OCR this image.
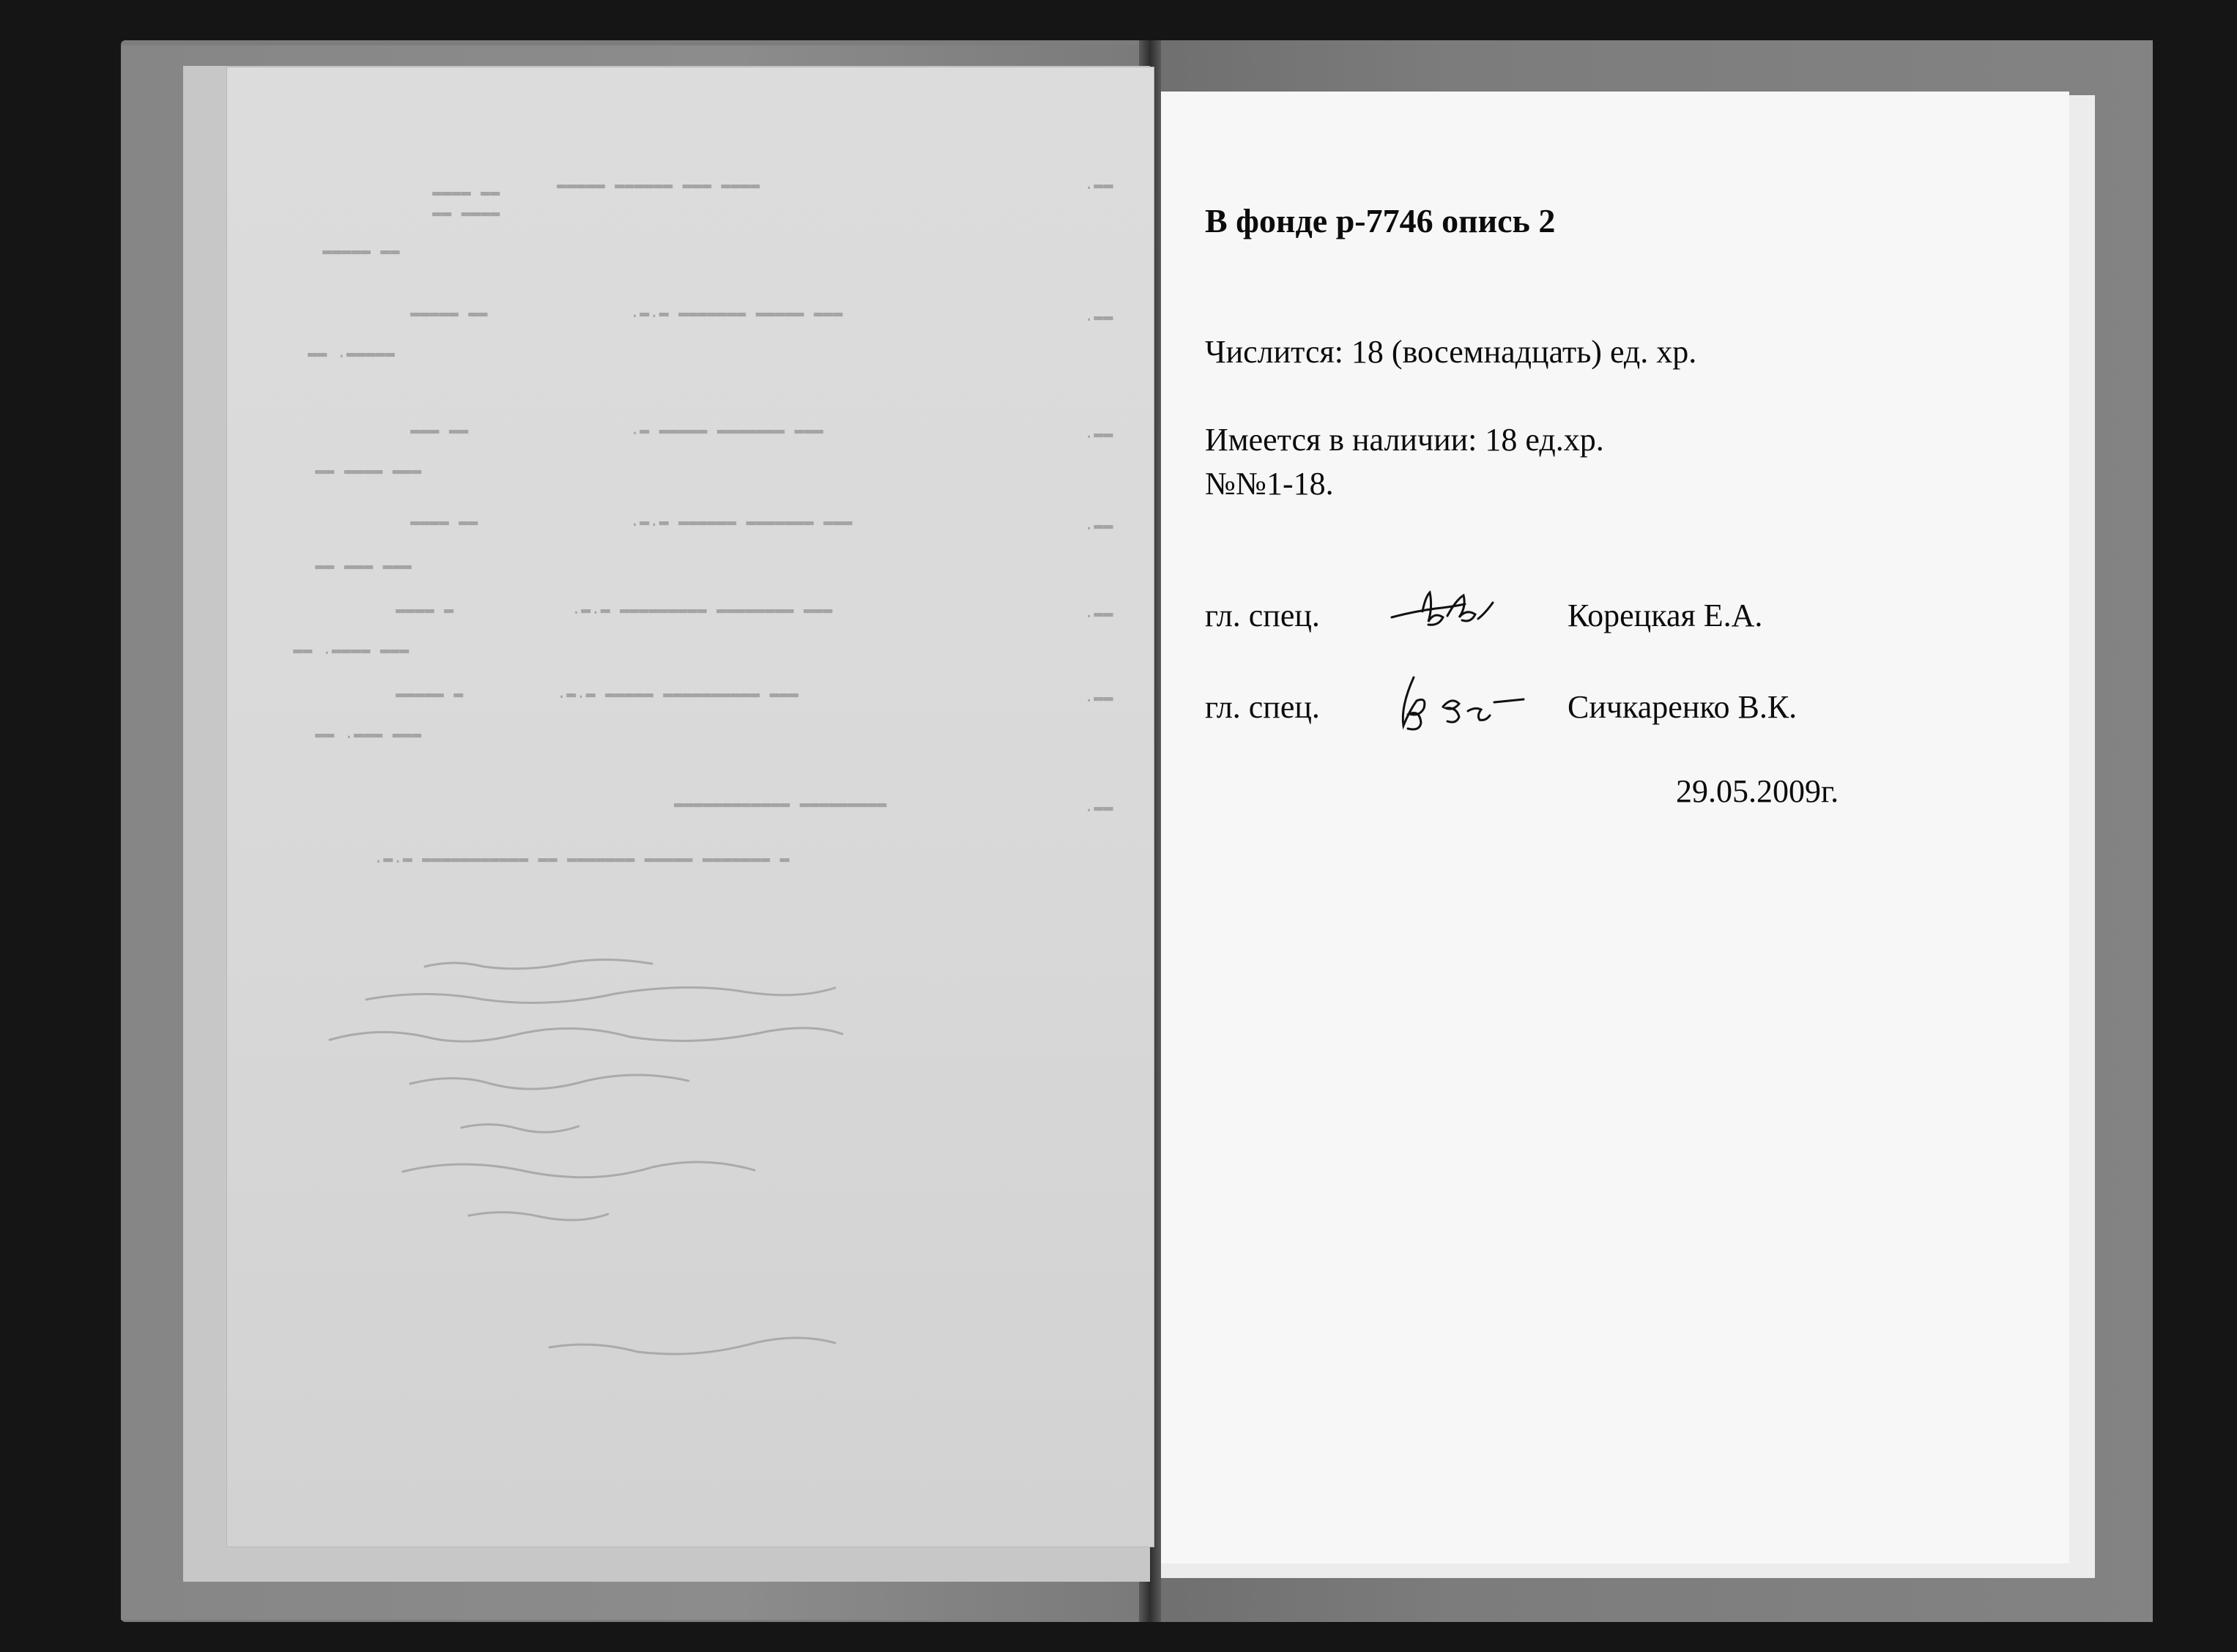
▬▬▬▬ ▬▬▬ ▬▬▬▬▬▬ ▬▬▬▬▬	▬▬.
▬▬ ▬▬▬▬
▬▬▬▬ ▬▬
▬▬ ▬▬▬▬▬
▬▬▬ ▬▬▬▬▬ ▬▬▬▬▬▬▬ ▬.▬.	▬▬.
▬▬ ▬▬▬▬▬
▬▬▬▬▬. ▬▬
▬▬▬ ▬▬▬▬▬▬▬ ▬▬▬▬▬ ▬.	▬▬.
▬▬ ▬▬▬
▬▬▬ ▬▬▬▬ ▬▬
▬▬▬ ▬▬▬▬▬▬▬ ▬▬▬▬▬▬ ▬.▬.	▬▬.
▬▬ ▬▬▬▬
▬▬▬ ▬▬▬ ▬▬
▬▬▬ ▬▬▬▬▬▬▬▬ ▬▬▬▬▬▬▬▬▬ ▬.▬.	▬▬.
▬ ▬▬▬▬
▬▬▬ ▬▬▬▬. ▬▬
▬▬▬ ▬▬▬▬▬▬▬▬▬▬ ▬▬▬▬▬ ▬.▬.	▬▬.
▬ ▬▬▬▬▬
▬▬▬ ▬▬▬. ▬▬
▬▬▬▬▬▬▬▬▬ ▬▬▬▬▬▬▬▬▬▬▬▬	▬▬.
▬ ▬▬▬▬▬▬▬ ▬▬▬▬▬ ▬▬▬▬▬▬▬ ▬▬ ▬▬▬▬▬▬▬▬▬▬▬ ▬.▬.
В фонде р-7746 опись 2
Числится: 18 (восемнадцать) ед. хр.
Имеется в наличии: 18 ед.хр.
№№1-18.
гл. спец.	Корецкая Е.А.
гл. спец.	Сичкаренко В.К.
29.05.2009г.
